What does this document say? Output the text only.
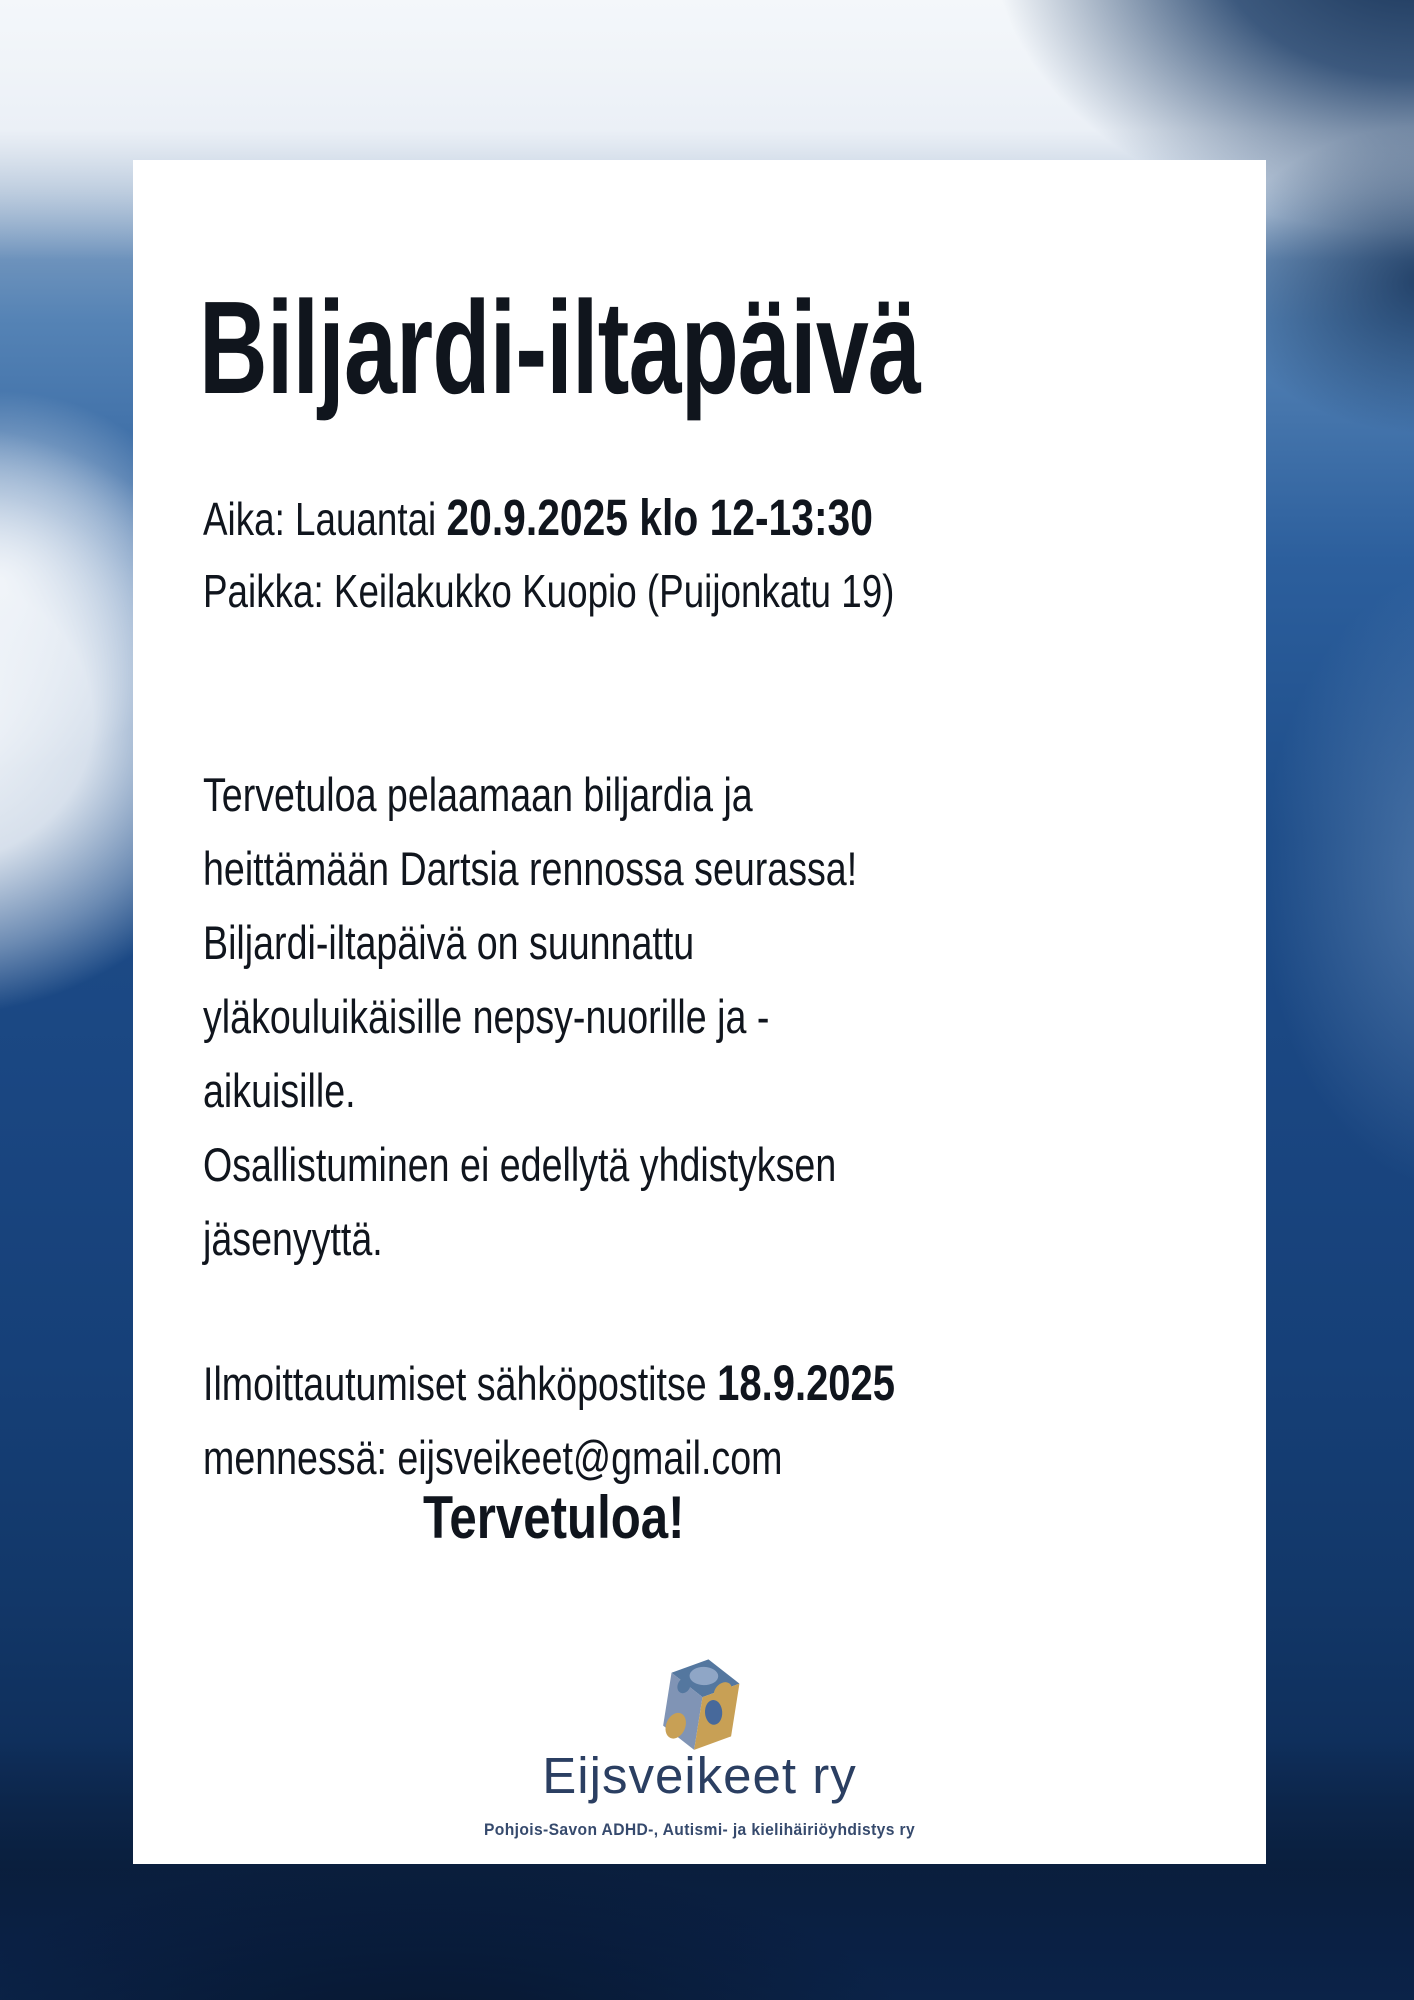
Biljardi-iltapäivä
Aika: Lauantai 20.9.2025 klo 12-13:30
Paikka: Keilakukko Kuopio (Puijonkatu 19)
Tervetuloa pelaamaan biljardia ja
heittämään Dartsia rennossa seurassa!
Biljardi-iltapäivä on suunnattu
yläkouluikäisille nepsy-nuorille ja -
aikuisille.
Osallistuminen ei edellytä yhdistyksen
jäsenyyttä.
Ilmoittautumiset sähköpostitse 18.9.2025
mennessä: eijsveikeet@gmail.com
Tervetuloa!
Eijsveikeet ry
Pohjois-Savon ADHD-, Autismi- ja kielihäiriöyhdistys ry
